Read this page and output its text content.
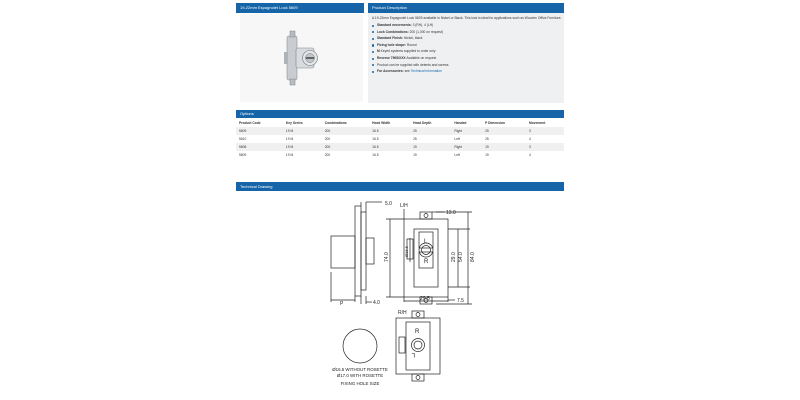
19-22mm Espagnolet Lock 5609	Product Description

A 19-22mm Espagnolet Lock 5609 available in Nickel or Black. This lock is ideal for applications such as Wooden Office Furniture.

Standard movements: 3 (RH), 4 (LH)
Lock Combinations: 200 (1,000 on request)
Standard Finish: Nickel, black
Fixing hole shape: Round
M Keyed systems supplied to order only
Reverse 7908/XXX Available on request
Product can be supplied with detents and screws
For Accessories: see Technical Information
Options
Product Code	Key Series	Combinations	Head Width	Head Depth	Handed	P Dimension	Movement
5609	19 M	200	16.5	25	Right	25	3
5610	19 M	200	16.5	25	Left	25	4
5608	19 M	200	16.5	19	Right	19	3
5609	19 M	200	16.5	19	Left	19	4
Technical Drawing
5.0 L/H
13.0
L
R
74.0
Ø16.5
29.0 54.0 84.0
29.5	7.5
P	4.0
R/H
R
L
Ø16.5 WITHOUT ROSETTE
Ø17.0 WITH ROSETTE
FIXING HOLE SIZE
